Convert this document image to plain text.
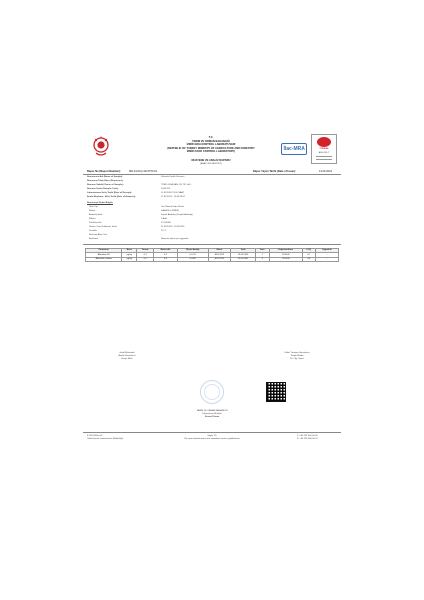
T.C.
TARIM VE ORMAN BAKANLIĞI
İZMİR GIDA KONTROL LABORATUVARI
(REPUBLIC OF TURKEY MINISTRY OF AGRICULTURE AND FORESTRY
İZMİR FOOD CONTROL LABORATORY)	İlac-MRA	TÜRKAK
AB-0115-T
MUAYENE VE ANALİZ RAPORU
(ANALYSIS REPORT)
Rapor No (Report Number):	MR-24-01Q-3217576-01	Rapor Yayım Tarihi (Date of Issue):	13.09.2024
Numunenin Adı (Name of Sample):	Kakaolu Fındık Kreması
Numuneyi Talep Eden (Requester):
Numune Sahibi (Owner of Sample):	TÜRK GIDA SAN. VE TİC. A.Ş.
Numune Kodu (Sample Code):	2024/112
Laboratuvara Geliş Tarihi (Date of Receipt):	11.09.2024 13:10 SAAT
Analiz Başlama - Bitiş Tarihi (Date of Analysis):	11.09.2024 - 13.09.2024
Numuneye İlişkin Bilgiler
Ürün Tipi:	Yarı Mamul Gıda Ürünü
Marka:	KAKAOLU FINDIK
Ambalaj Şekli:	Kapalı Ambalaj (Orijinal Ambalaj)
Miktarı:	1 Adet
Parti/Seri No:	L2 240911
Üretim / Son Kullanma Tarihi:	11.09.2024 / 11.09.2025
Sıcaklık:	20 °C
Numune Alma Yeri:	-
Açıklama:	Numune işlem için uygundur
Parametre	Birim	Sonuç	Belirsizlik	Ölçüm Aralığı	Metot	Tarih	Sınır	Değerlendirme	LOQ	Uygunluk
Aflatoksin B1	µg/kg	0,1	0,3	0,1-20	EN 14123	13.09.2024	2	UYGUN	0,1	-
Aflatoksin Toplam	µg/kg	0,1	0,3	0,4-80	EN 14123	13.09.2024	4	UYGUN	0,4	-
Gıda Mühendisi
Analiz Sorumlusu
Kimya Müh.
Kalite Yönetim Sorumlusu
Teknik Müdür
Dr. Öğr. Üyesi
TARIM VE ORMAN BAKANLIĞI
Laboratuvar Müdürü
Kemal Yılmaz
F-03-24-Rev.00
Gıda Kontrol Laboratuvarı Müdürlüğü
Sayfa 1/1
Bu rapor laboratuvarın izni olmadan kısmen çoğaltılamaz
T: +90 232 000 00 00
F: +90 232 000 00 01
